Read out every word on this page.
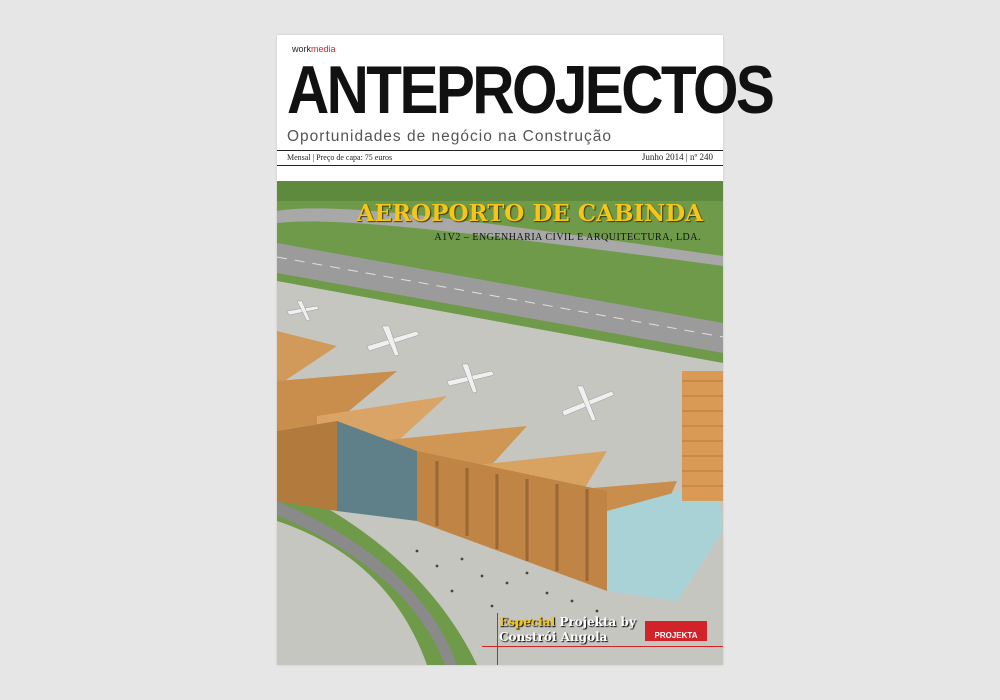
workmedia
ANTEPROJECTOS
Oportunidades de negócio na Construção
Mensal | Preço de capa: 75 euros	Junho 2014 | nº 240
AEROPORTO DE CABINDA
A1V2 – ENGENHARIA CIVIL E ARQUITECTURA, LDA.
Especial Projekta by
Constrói Angola	PROJEKTA
